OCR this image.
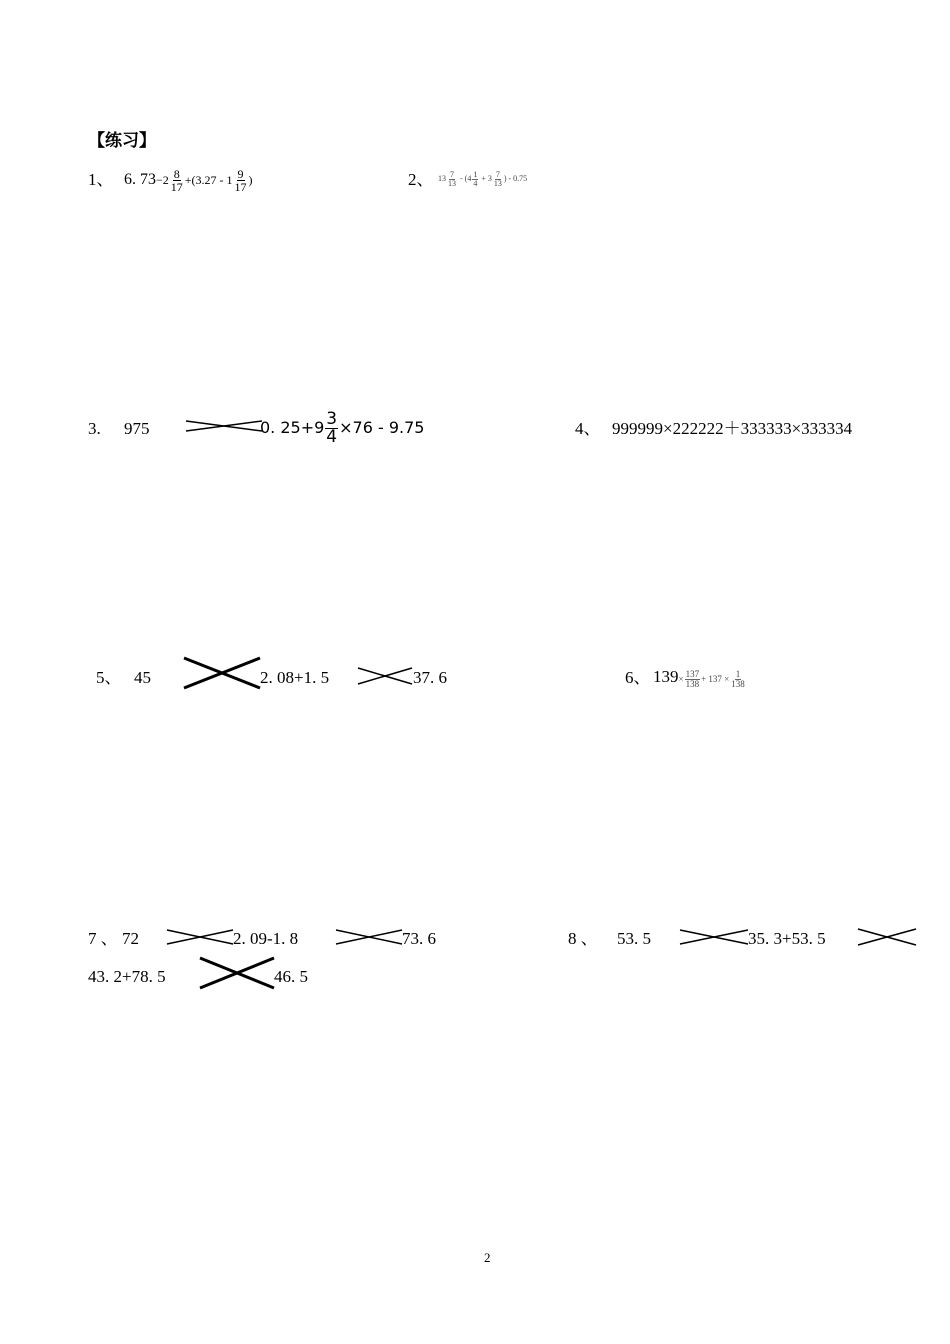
【练习】
1、 6. $73-2 \frac{8}{17} +(3.27 - 1 \frac{9}{17}$ )	2、 $13 \frac{7}{13} - (4 \frac{1}{4} + 3 \frac{7}{13}$ ) - 0.75
3. 975	0. $25+9 \frac{3}{4} \times 76 - 9.75$	4、 999999×222222＋333333×333334
5、 45	2. 08+1. 5	37. 6	6、 $139\times \frac{137}{138} + 137 \times \frac{1}{138}$
7 、 72	2. 09-1. 8	73. 6
43. 2+78. 5	46. 5
8 、 53. 5	35. 3+53. 5
2
